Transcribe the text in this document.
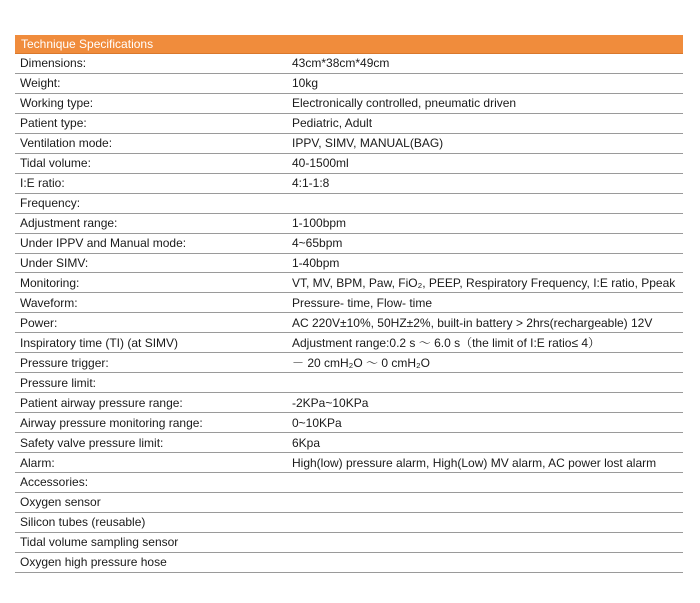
Technique Specifications
Dimensions:	43cm*38cm*49cm
Weight:	10kg
Working type:	Electronically controlled, pneumatic driven
Patient type:	Pediatric, Adult
Ventilation mode:	IPPV, SIMV, MANUAL(BAG)
Tidal volume:	40-1500ml
I:E ratio:	4:1-1:8
Frequency:
Adjustment range:	1-100bpm
Under IPPV and Manual mode:	4~65bpm
Under SIMV:	1-40bpm
Monitoring:	VT, MV, BPM, Paw, FiO₂, PEEP, Respiratory Frequency, I:E ratio, Ppeak
Waveform:	Pressure- time, Flow- time
Power:	AC 220V±10%, 50HZ±2%, built-in battery > 2hrs(rechargeable) 12V
Inspiratory time (TI) (at SIMV)	Adjustment range:0.2 s ～ 6.0 s（the limit of I:E ratio≤ 4）
Pressure trigger:	－ 20 cmH₂O ～ 0 cmH₂O
Pressure limit:
Patient airway pressure range:	-2KPa~10KPa
Airway pressure monitoring range:	0~10KPa
Safety valve pressure limit:	6Kpa
Alarm:	High(low) pressure alarm, High(Low) MV alarm, AC power lost alarm
Accessories:
Oxygen sensor
Silicon tubes (reusable)
Tidal volume sampling sensor
Oxygen high pressure hose
